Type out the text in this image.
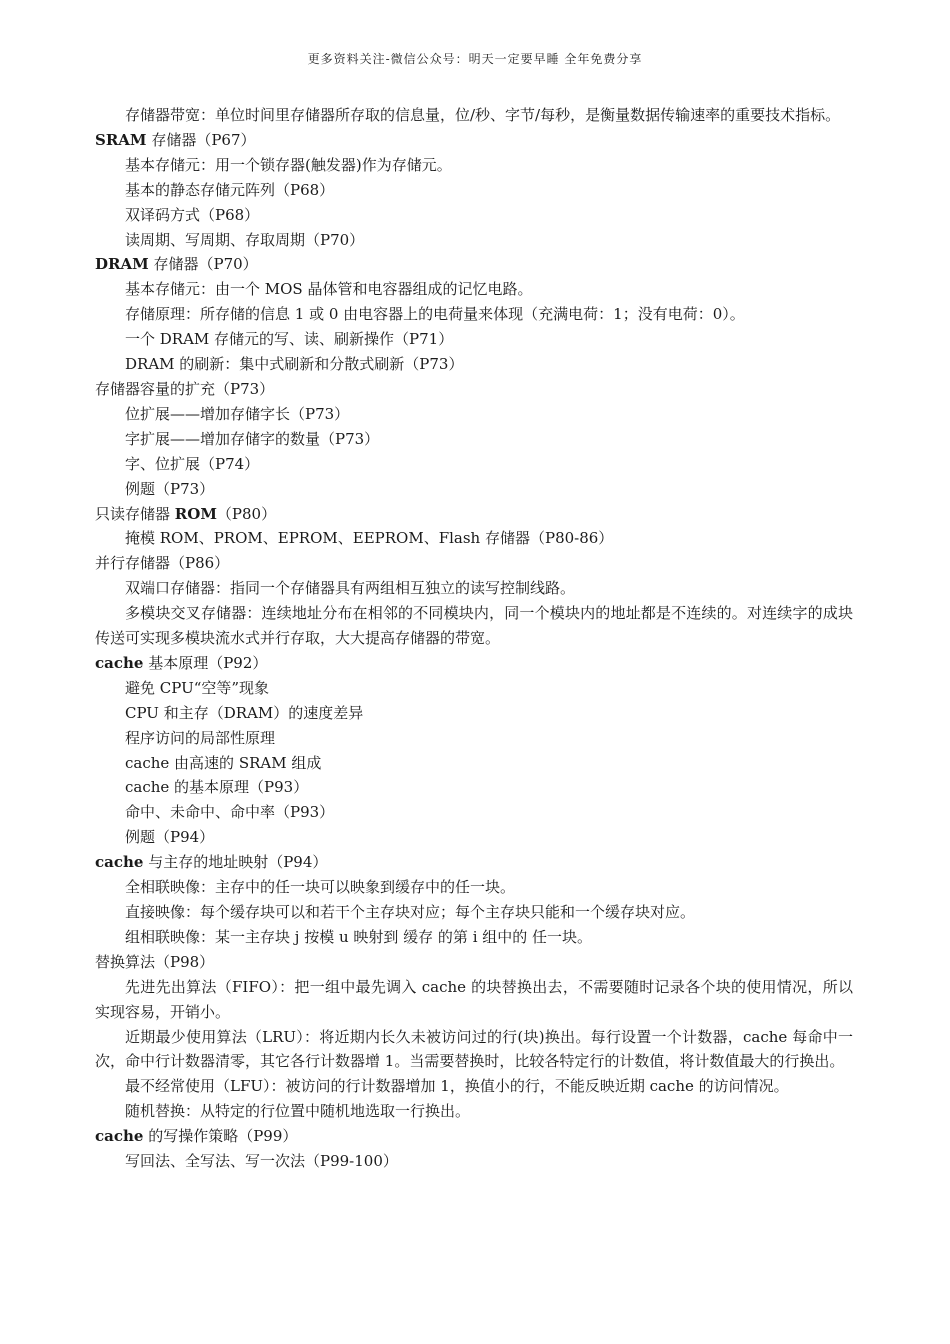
更多资料关注-微信公众号：明天一定要早睡 全年免费分享

存储器带宽：单位时间里存储器所存取的信息量，位/秒、字节/每秒，是衡量数据传输速率的重要技术指标。

SRAM 存储器（P67）

基本存储元：用一个锁存器(触发器)作为存储元。

基本的静态存储元阵列（P68）

双译码方式（P68）

读周期、写周期、存取周期（P70）

DRAM 存储器（P70）

基本存储元：由一个 MOS 晶体管和电容器组成的记忆电路。

存储原理：所存储的信息 1 或 0 由电容器上的电荷量来体现（充满电荷：1；没有电荷：0）。

一个 DRAM 存储元的写、读、刷新操作（P71）

DRAM 的刷新：集中式刷新和分散式刷新（P73）

存储器容量的扩充（P73）

位扩展——增加存储字长（P73）

字扩展——增加存储字的数量（P73）

字、位扩展（P74）

例题（P73）

只读存储器 ROM（P80）

掩模 ROM、PROM、EPROM、EEPROM、Flash 存储器（P80-86）

并行存储器（P86）

双端口存储器：指同一个存储器具有两组相互独立的读写控制线路。

多模块交叉存储器：连续地址分布在相邻的不同模块内，同一个模块内的地址都是不连续的。对连续字的成块传送可实现多模块流水式并行存取，大大提高存储器的带宽。

cache 基本原理（P92）

避免 CPU“空等”现象

CPU 和主存（DRAM）的速度差异

程序访问的局部性原理

cache 由高速的 SRAM 组成

cache 的基本原理（P93）

命中、未命中、命中率（P93）

例题（P94）

cache 与主存的地址映射（P94）

全相联映像：主存中的任一块可以映象到缓存中的任一块。

直接映像：每个缓存块可以和若干个主存块对应；每个主存块只能和一个缓存块对应。

组相联映像：某一主存块 j 按模 u 映射到 缓存 的第 i 组中的 任一块。

替换算法（P98）

先进先出算法（FIFO）：把一组中最先调入 cache 的块替换出去，不需要随时记录各个块的使用情况，所以实现容易，开销小。

近期最少使用算法（LRU）：将近期内长久未被访问过的行(块)换出。每行设置一个计数器，cache 每命中一次，命中行计数器清零，其它各行计数器增 1。当需要替换时，比较各特定行的计数值，将计数值最大的行换出。

最不经常使用（LFU）：被访问的行计数器增加 1，换值小的行，不能反映近期 cache 的访问情况。

随机替换：从特定的行位置中随机地选取一行换出。

cache 的写操作策略（P99）

写回法、全写法、写一次法（P99-100）
